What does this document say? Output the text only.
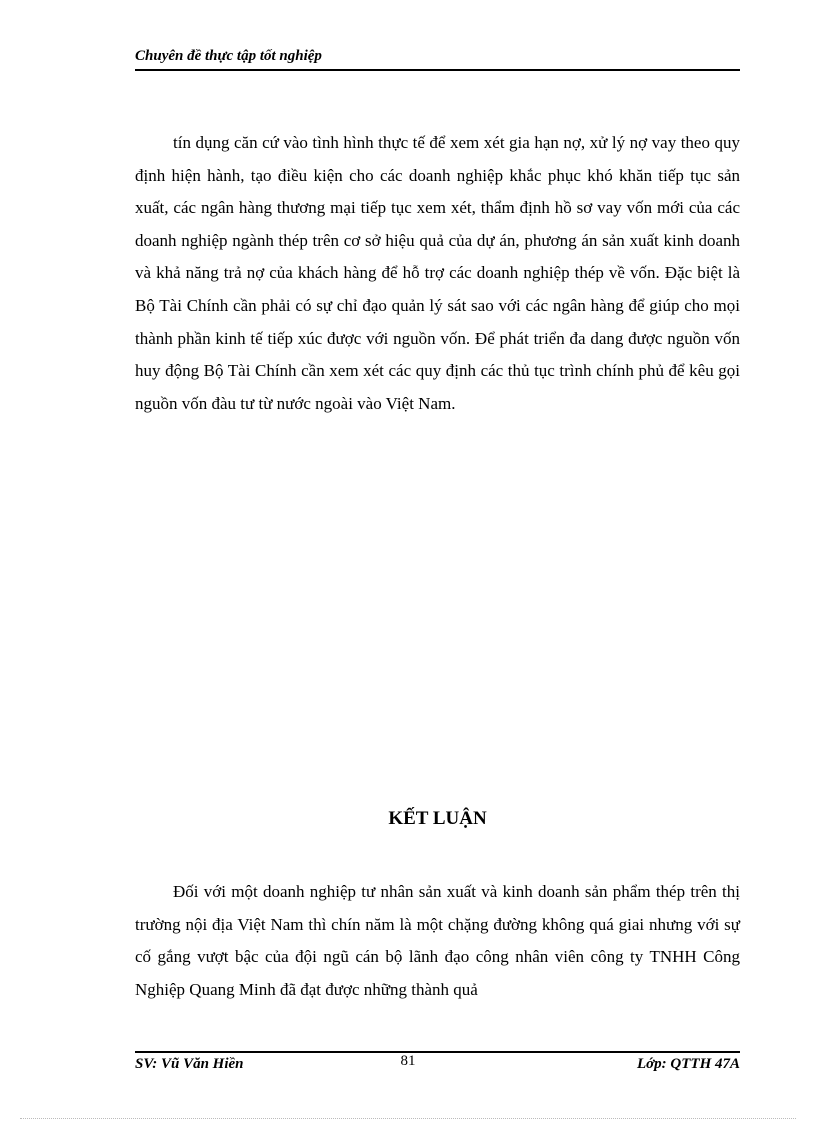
Chuyên đề thực tập tốt nghiệp

tín dụng căn cứ vào tình hình thực tế để xem xét gia hạn nợ, xử lý nợ vay theo quy định hiện hành, tạo điều kiện cho các doanh nghiệp khắc phục khó khăn tiếp tục sản xuất, các ngân hàng thương mại tiếp tục xem xét, thẩm định hồ sơ vay vốn mới của các doanh nghiệp ngành thép trên cơ sở hiệu quả của dự án, phương án sản xuất kinh doanh và khả năng trả nợ của khách hàng để hỗ trợ các doanh nghiệp thép về vốn. Đặc biệt là Bộ Tài Chính cần phải có sự chỉ đạo quản lý sát sao với các ngân hàng để giúp cho mọi thành phần kinh tế tiếp xúc được với nguồn vốn. Để phát triển đa dang được nguồn vốn huy động Bộ Tài Chính cần xem xét các quy định các thủ tục trình chính phủ để kêu gọi nguồn vốn đàu tư từ nước ngoài vào Việt Nam.

KẾT LUẬN

Đối với một doanh nghiệp tư nhân sản xuất và kinh doanh sản phẩm thép trên thị trường nội địa Việt Nam thì chín năm là một chặng đường không quá giai nhưng với sự cố gắng vượt bậc của đội ngũ cán bộ lãnh đạo công nhân viên công ty TNHH Công Nghiệp Quang Minh đã đạt được những thành quả

SV: Vũ Văn Hiền	81	Lớp: QTTH 47A
